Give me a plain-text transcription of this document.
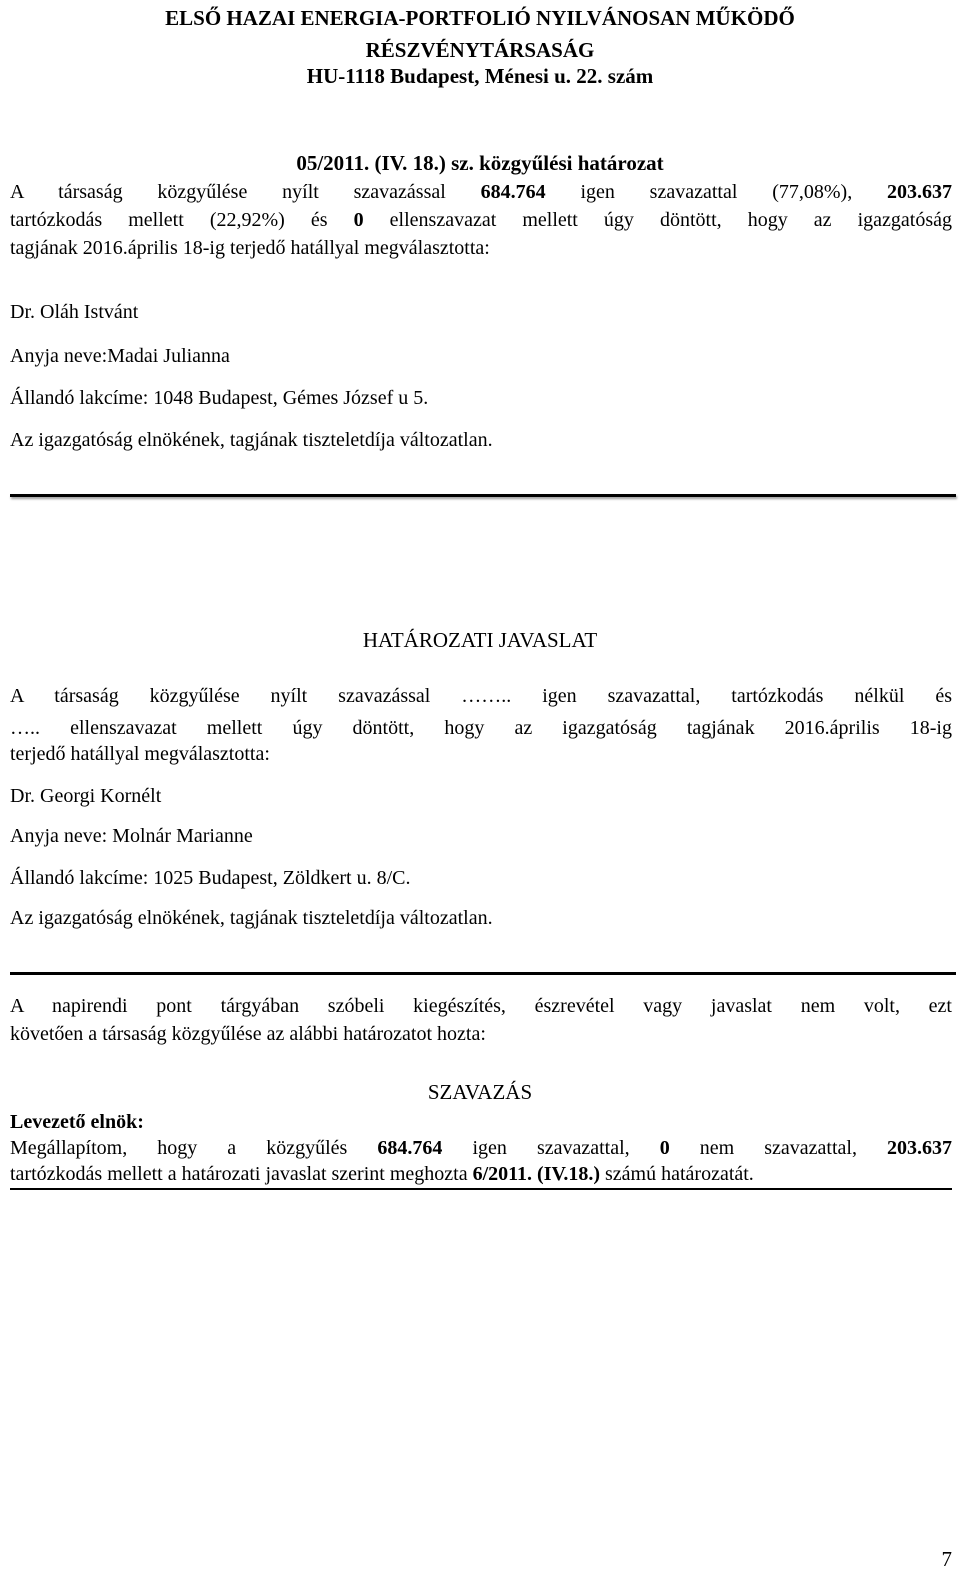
ELSŐ HAZAI ENERGIA-PORTFOLIÓ NYILVÁNOSAN MŰKÖDŐ
RÉSZVÉNYTÁRSASÁG
HU-1118 Budapest, Ménesi u. 22. szám
05/2011. (IV. 18.) sz. közgyűlési határozat
A társaság közgyűlése nyílt szavazással 684.764 igen szavazattal (77,08%), 203.637
tartózkodás mellett (22,92%) és 0 ellenszavazat mellett úgy döntött, hogy az igazgatóság
tagjának 2016.április 18-ig terjedő hatállyal megválasztotta:
Dr. Oláh Istvánt
Anyja neve:Madai Julianna
Állandó lakcíme: 1048 Budapest, Gémes József u 5.
Az igazgatóság elnökének, tagjának tiszteletdíja változatlan.
HATÁROZATI JAVASLAT
A társaság közgyűlése nyílt szavazással …….. igen szavazattal, tartózkodás nélkül és
….. ellenszavazat mellett úgy döntött, hogy az igazgatóság tagjának 2016.április 18-ig
terjedő hatállyal megválasztotta:
Dr. Georgi Kornélt
Anyja neve: Molnár Marianne
Állandó lakcíme: 1025 Budapest, Zöldkert u. 8/C.
Az igazgatóság elnökének, tagjának tiszteletdíja változatlan.
A napirendi pont tárgyában szóbeli kiegészítés, észrevétel vagy javaslat nem volt, ezt
követően a társaság közgyűlése az alábbi határozatot hozta:
SZAVAZÁS
Levezető elnök:
Megállapítom, hogy a közgyűlés 684.764 igen szavazattal, 0 nem szavazattal, 203.637
tartózkodás mellett a határozati javaslat szerint meghozta 6/2011. (IV.18.) számú határozatát.
7
